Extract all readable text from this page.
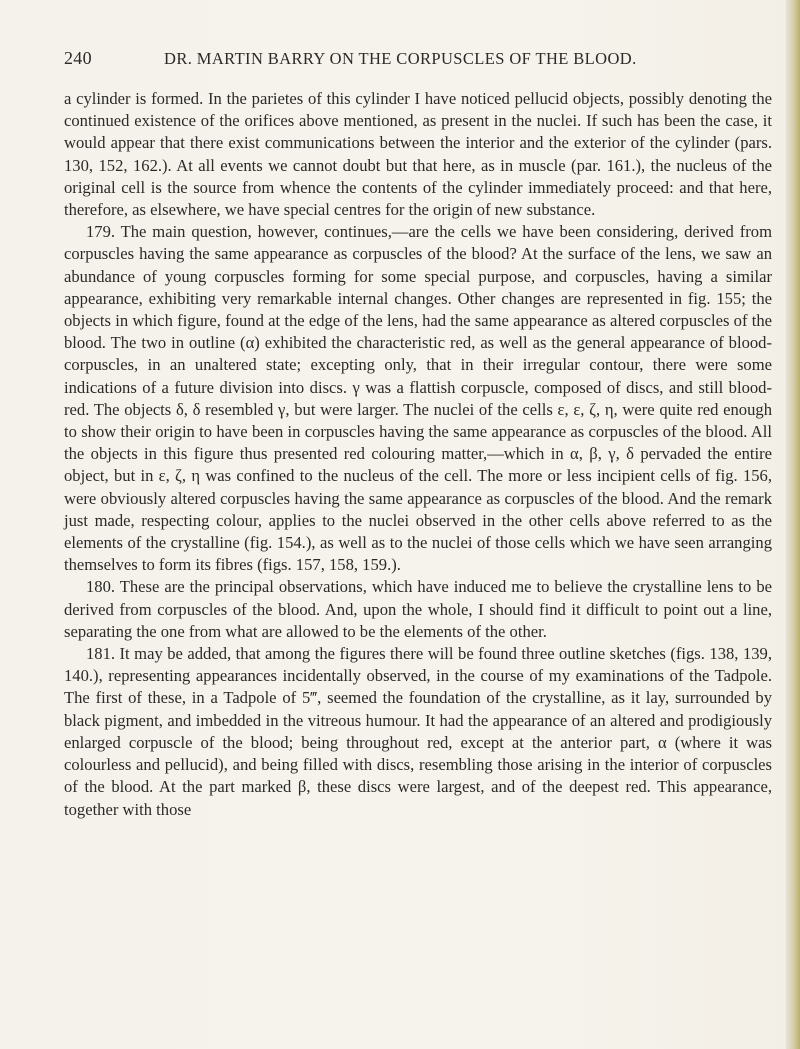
240	DR. MARTIN BARRY ON THE CORPUSCLES OF THE BLOOD.

a cylinder is formed. In the parietes of this cylinder I have noticed pellucid objects, possibly denoting the continued existence of the orifices above mentioned, as present in the nuclei. If such has been the case, it would appear that there exist communications between the interior and the exterior of the cylinder (pars. 130, 152, 162.). At all events we cannot doubt but that here, as in muscle (par. 161.), the nucleus of the original cell is the source from whence the contents of the cylinder immediately proceed: and that here, therefore, as elsewhere, we have special centres for the origin of new substance.

179. The main question, however, continues,—are the cells we have been considering, derived from corpuscles having the same appearance as corpuscles of the blood? At the surface of the lens, we saw an abundance of young corpuscles forming for some special purpose, and corpuscles, having a similar appearance, exhibiting very remarkable internal changes. Other changes are represented in fig. 155; the objects in which figure, found at the edge of the lens, had the same appearance as altered corpuscles of the blood. The two in outline (α) exhibited the characteristic red, as well as the general appearance of blood-corpuscles, in an unaltered state; excepting only, that in their irregular contour, there were some indications of a future division into discs. γ was a flattish corpuscle, composed of discs, and still blood-red. The objects δ, δ resembled γ, but were larger. The nuclei of the cells ε, ε, ζ, η, were quite red enough to show their origin to have been in corpuscles having the same appearance as corpuscles of the blood. All the objects in this figure thus presented red colouring matter,—which in α, β, γ, δ pervaded the entire object, but in ε, ζ, η was confined to the nucleus of the cell. The more or less incipient cells of fig. 156, were obviously altered corpuscles having the same appearance as corpuscles of the blood. And the remark just made, respecting colour, applies to the nuclei observed in the other cells above referred to as the elements of the crystalline (fig. 154.), as well as to the nuclei of those cells which we have seen arranging themselves to form its fibres (figs. 157, 158, 159.).

180. These are the principal observations, which have induced me to believe the crystalline lens to be derived from corpuscles of the blood. And, upon the whole, I should find it difficult to point out a line, separating the one from what are allowed to be the elements of the other.

181. It may be added, that among the figures there will be found three outline sketches (figs. 138, 139, 140.), representing appearances incidentally observed, in the course of my examinations of the Tadpole. The first of these, in a Tadpole of 5‴, seemed the foundation of the crystalline, as it lay, surrounded by black pigment, and imbedded in the vitreous humour. It had the appearance of an altered and prodigiously enlarged corpuscle of the blood; being throughout red, except at the anterior part, α (where it was colourless and pellucid), and being filled with discs, resembling those arising in the interior of corpuscles of the blood. At the part marked β, these discs were largest, and of the deepest red. This appearance, together with those
